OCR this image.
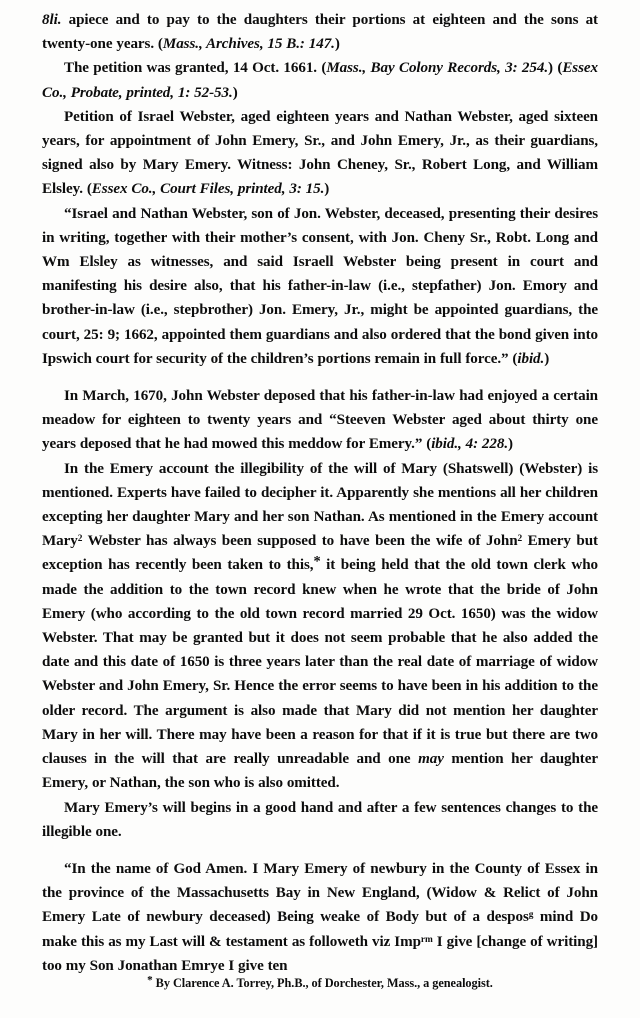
8li. apiece and to pay to the daughters their portions at eighteen and the sons at twenty-one years. (Mass., Archives, 15 B.: 147.)

The petition was granted, 14 Oct. 1661. (Mass., Bay Colony Records, 3: 254.) (Essex Co., Probate, printed, 1: 52-53.)

Petition of Israel Webster, aged eighteen years and Nathan Webster, aged sixteen years, for appointment of John Emery, Sr., and John Emery, Jr., as their guardians, signed also by Mary Emery. Witness: John Cheney, Sr., Robert Long, and William Elsley. (Essex Co., Court Files, printed, 3: 15.)

“Israel and Nathan Webster, son of Jon. Webster, deceased, presenting their desires in writing, together with their mother’s consent, with Jon. Cheny Sr., Robt. Long and Wm Elsley as witnesses, and said Israell Webster being present in court and manifesting his desire also, that his father-in-law (i.e., stepfather) Jon. Emory and brother-in-law (i.e., stepbrother) Jon. Emery, Jr., might be appointed guardians, the court, 25: 9; 1662, appointed them guardians and also ordered that the bond given into Ipswich court for security of the children’s portions remain in full force.” (ibid.)

In March, 1670, John Webster deposed that his father-in-law had enjoyed a certain meadow for eighteen to twenty years and “Steeven Webster aged about thirty one years deposed that he had mowed this meddow for Emery.” (ibid., 4: 228.)

In the Emery account the illegibility of the will of Mary (Shatswell) (Webster) is mentioned. Experts have failed to decipher it. Apparently she mentions all her children excepting her daughter Mary and her son Nathan. As mentioned in the Emery account Mary$^2$ Webster has always been supposed to have been the wife of John$^2$ Emery but exception has recently been taken to this,* it being held that the old town clerk who made the addition to the town record knew when he wrote that the bride of John Emery (who according to the old town record married 29 Oct. 1650) was the widow Webster. That may be granted but it does not seem probable that he also added the date and this date of 1650 is three years later than the real date of marriage of widow Webster and John Emery, Sr. Hence the error seems to have been in his addition to the older record. The argument is also made that Mary did not mention her daughter Mary in her will. There may have been a reason for that if it is true but there are two clauses in the will that are really unreadable and one may mention her daughter Emery, or Nathan, the son who is also omitted.

Mary Emery’s will begins in a good hand and after a few sentences changes to the illegible one.

“In the name of God Amen. I Mary Emery of newbury in the County of Essex in the province of the Massachusetts Bay in New England, (Widow & Relict of John Emery Late of newbury deceased) Being weake of Body but of a despos$^g$ mind Do make this as my Last will & testament as followeth viz Imp$^{rm}$ I give [change of writing] too my Son Jonathan Emrye I give ten

* By Clarence A. Torrey, Ph.B., of Dorchester, Mass., a genealogist.
